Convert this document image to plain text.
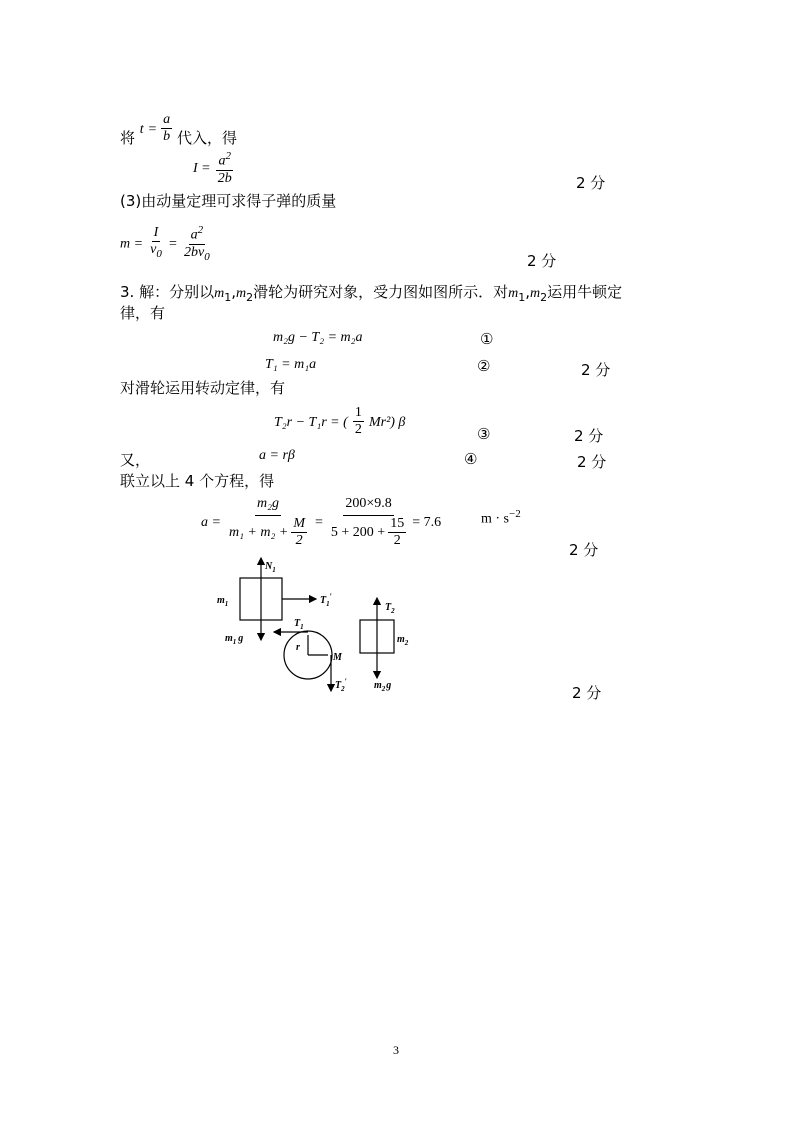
将 $t = \frac{a}{b}$ 代入，得
$I = \frac{a^2}{2b}$	2 分
(3)由动量定理可求得子弹的质量
$m = \frac{I}{v_0} = \frac{a^2}{2bv_0}$	2 分
3. 解：分别以$m_1,m_2$滑轮为研究对象，受力图如图所示．对$m_1,m_2$运用牛顿定
律，有
m₂g − T₂ = m₂a	①
T₁ = m₁a	②	2 分
对滑轮运用转动定律，有
T₂r − T₁r = ( $\frac{1}{2} Mr^2$) β
③	2 分
又，	a = rβ	④	2 分
联立以上 4 个方程，得
$a = \frac{\text{m₂g}}{m_1 + m_2 + \frac{M}{2}} = \frac{200\times 9.8}{5 + 200 + \frac{15}{2}} = 7.6$	$m \cdot s^{-2}$
2 分
$N_1$
$m_1$	$T_1'$
$m_1$ g
$T_1$
r
M
$T_2'$
$T_2$
$m_2$
$m_2g$	2 分
3
